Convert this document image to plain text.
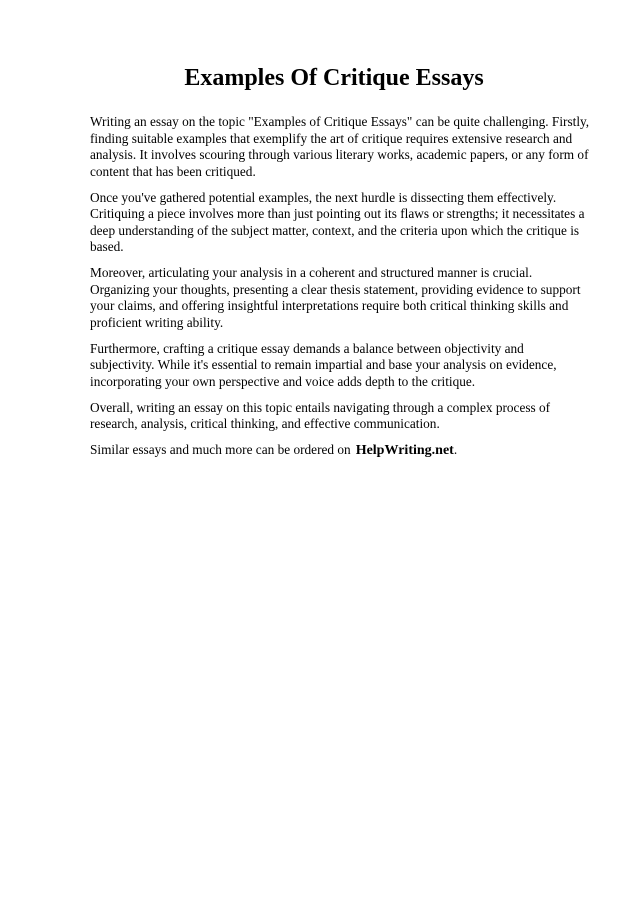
Examples Of Critique Essays

Writing an essay on the topic "Examples of Critique Essays" can be quite challenging. Firstly, finding suitable examples that exemplify the art of critique requires extensive research and analysis. It involves scouring through various literary works, academic papers, or any form of content that has been critiqued.

Once you've gathered potential examples, the next hurdle is dissecting them effectively. Critiquing a piece involves more than just pointing out its flaws or strengths; it necessitates a deep understanding of the subject matter, context, and the criteria upon which the critique is based.

Moreover, articulating your analysis in a coherent and structured manner is crucial. Organizing your thoughts, presenting a clear thesis statement, providing evidence to support your claims, and offering insightful interpretations require both critical thinking skills and proficient writing ability.

Furthermore, crafting a critique essay demands a balance between objectivity and subjectivity. While it's essential to remain impartial and base your analysis on evidence, incorporating your own perspective and voice adds depth to the critique.

Overall, writing an essay on this topic entails navigating through a complex process of research, analysis, critical thinking, and effective communication.

Similar essays and much more can be ordered on HelpWriting.net.
